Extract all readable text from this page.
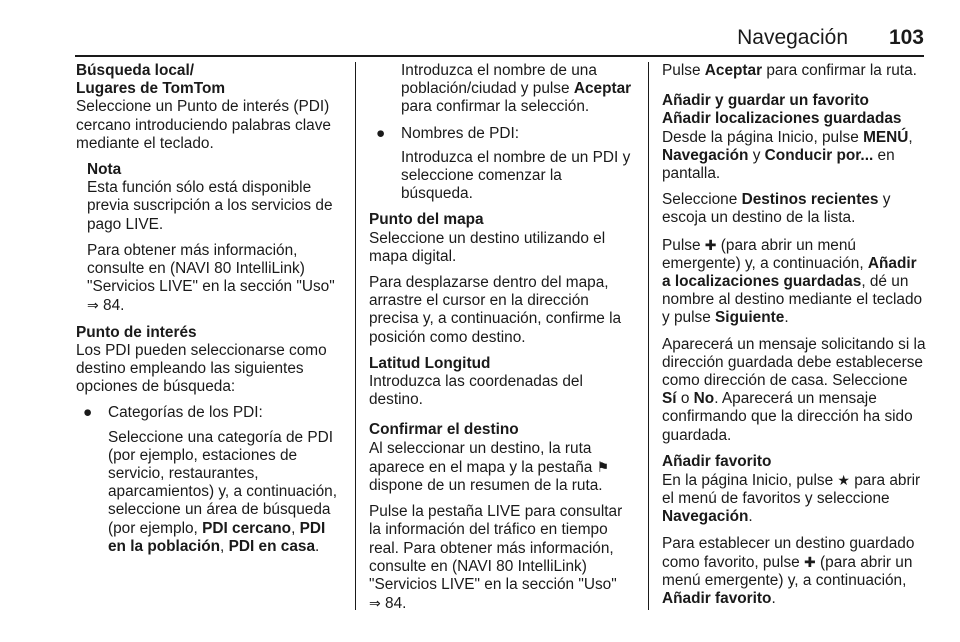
Navegación 103

Búsqueda local/

Lugares de TomTom

Seleccione un Punto de interés (PDI) cercano introduciendo palabras clave mediante el teclado.

Nota

Esta función sólo está disponible previa suscripción a los servicios de pago LIVE.

Para obtener más información, consulte en (NAVI 80 IntelliLink) "Servicios LIVE" en la sección "Uso" ⇒ 84.

Punto de interés

Los PDI pueden seleccionarse como destino empleando las siguientes opciones de búsqueda:

● Categorías de los PDI:

Seleccione una categoría de PDI (por ejemplo, estaciones de servicio, restaurantes, aparcamientos) y, a continuación, seleccione un área de búsqueda (por ejemplo, PDI cercano, PDI en la población, PDI en casa.

Introduzca el nombre de una población/ciudad y pulse Aceptar para confirmar la selección.

● Nombres de PDI:

Introduzca el nombre de un PDI y seleccione comenzar la búsqueda.

Punto del mapa

Seleccione un destino utilizando el mapa digital.

Para desplazarse dentro del mapa, arrastre el cursor en la dirección precisa y, a continuación, confirme la posición como destino.

Latitud Longitud

Introduzca las coordenadas del destino.

Confirmar el destino

Al seleccionar un destino, la ruta aparece en el mapa y la pestaña ⚑ dispone de un resumen de la ruta.

Pulse la pestaña LIVE para consultar la información del tráfico en tiempo real. Para obtener más información, consulte en (NAVI 80 IntelliLink) "Servicios LIVE" en la sección "Uso"
⇒ 84.

Pulse Aceptar para confirmar la ruta.

Añadir y guardar un favorito

Añadir localizaciones guardadas

Desde la página Inicio, pulse MENÚ, Navegación y Conducir por... en pantalla.

Seleccione Destinos recientes y escoja un destino de la lista.

Pulse ✚ (para abrir un menú emergente) y, a continuación, Añadir a localizaciones guardadas, dé un nombre al destino mediante el teclado y pulse Siguiente.

Aparecerá un mensaje solicitando si la dirección guardada debe establecerse como dirección de casa. Seleccione Sí o No. Aparecerá un mensaje confirmando que la dirección ha sido guardada.

Añadir favorito

En la página Inicio, pulse ★ para abrir el menú de favoritos y seleccione Navegación.

Para establecer un destino guardado como favorito, pulse ✚ (para abrir un menú emergente) y, a continuación, Añadir favorito.
